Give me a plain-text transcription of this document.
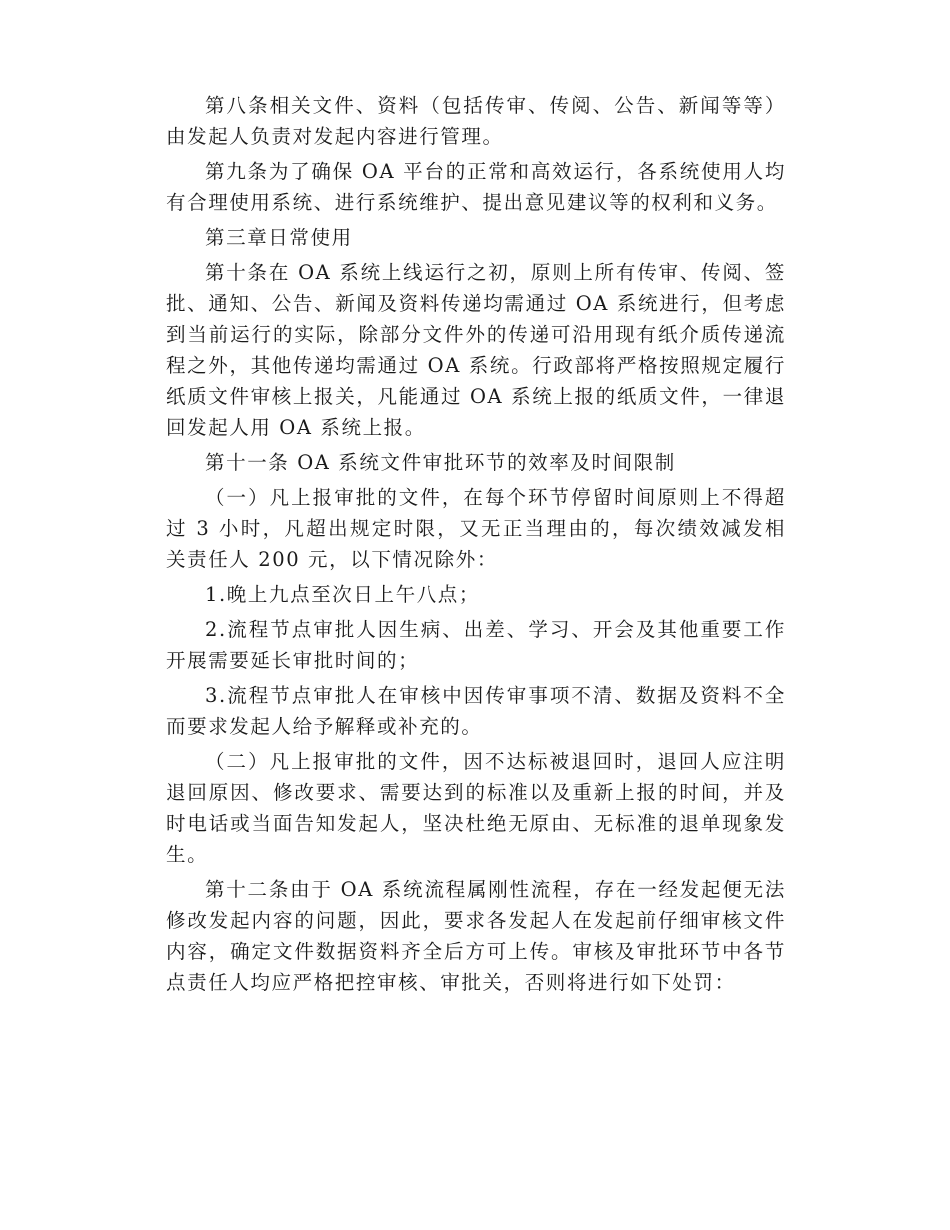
第八条相关文件、资料（包括传审、传阅、公告、新闻等等）由发起人负责对发起内容进行管理。

第九条为了确保 OA 平台的正常和高效运行，各系统使用人均有合理使用系统、进行系统维护、提出意见建议等的权利和义务。

第三章日常使用

第十条在 OA 系统上线运行之初，原则上所有传审、传阅、签批、通知、公告、新闻及资料传递均需通过 OA 系统进行，但考虑到当前运行的实际，除部分文件外的传递可沿用现有纸介质传递流程之外，其他传递均需通过 OA 系统。行政部将严格按照规定履行纸质文件审核上报关，凡能通过 OA 系统上报的纸质文件，一律退回发起人用 OA 系统上报。

第十一条 OA 系统文件审批环节的效率及时间限制

（一）凡上报审批的文件，在每个环节停留时间原则上不得超过 3 小时，凡超出规定时限，又无正当理由的，每次绩效减发相关责任人 200 元，以下情况除外：

1.晚上九点至次日上午八点；

2.流程节点审批人因生病、出差、学习、开会及其他重要工作开展需要延长审批时间的；

3.流程节点审批人在审核中因传审事项不清、数据及资料不全而要求发起人给予解释或补充的。

（二）凡上报审批的文件，因不达标被退回时，退回人应注明退回原因、修改要求、需要达到的标准以及重新上报的时间，并及时电话或当面告知发起人，坚决杜绝无原由、无标准的退单现象发生。

第十二条由于 OA 系统流程属刚性流程，存在一经发起便无法修改发起内容的问题，因此，要求各发起人在发起前仔细审核文件内容，确定文件数据资料齐全后方可上传。审核及审批环节中各节点责任人均应严格把控审核、审批关，否则将进行如下处罚：
